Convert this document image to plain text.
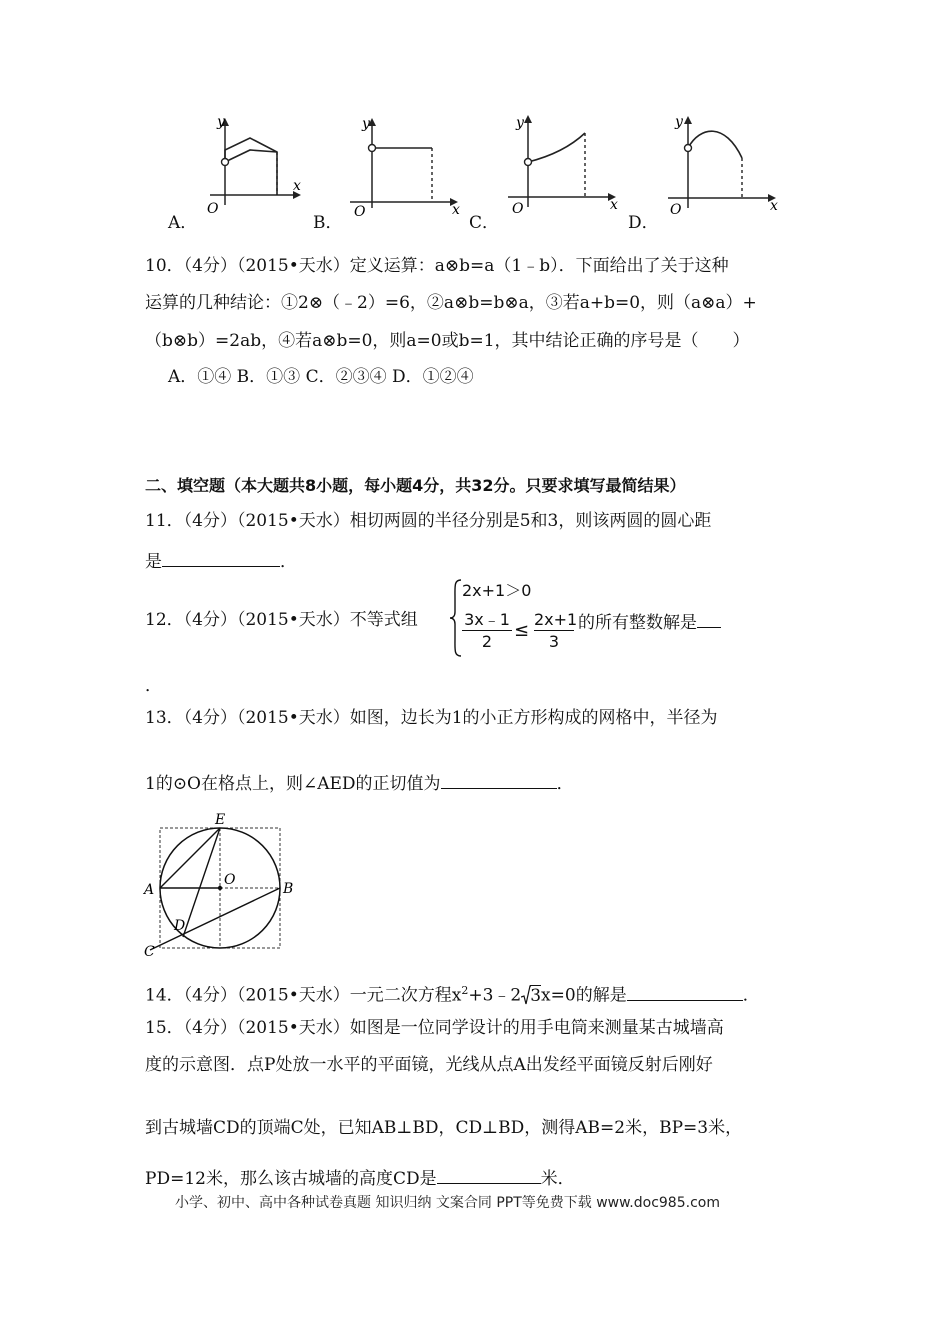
y
x
O
y
x
O
y
x
O
y
x
O
A．	B．	C．	D．
10．（4分）（2015•天水）定义运算：a⊗b=a（1﹣b）．下面给出了关于这种
运算的几种结论：①2⊗（﹣2）=6，②a⊗b=b⊗a，③若a+b=0，则（a⊗a）+
（b⊗b）=2ab，④若a⊗b=0，则a=0或b=1，其中结论正确的序号是（　　）
A．①④ B．①③ C．②③④ D．①②④
二、填空题（本大题共8小题，每小题4分，共32分。只要求填写最简结果）
11．（4分）（2015•天水）相切两圆的半径分别是5和3，则该两圆的圆心距
是	．
12．（4分）（2015•天水）不等式组
2x+1＞0
$\frac{3x﹣1}{2} \le \frac{2x+1}{3}$ 的所有整数解是
．
13．（4分）（2015•天水）如图，边长为1的小正方形构成的网格中，半径为
1的⊙O在格点上，则∠AED的正切值为	．
E
A
O
B
D
C
14．（4分）（2015•天水）一元二次方程$x^2+3﹣2$ 3x=0的解是	．
15．（4分）（2015•天水）如图是一位同学设计的用手电筒来测量某古城墙高
度的示意图．点P处放一水平的平面镜，光线从点A出发经平面镜反射后刚好
到古城墙CD的顶端C处，已知AB⊥BD，CD⊥BD，测得AB=2米，BP=3米，
PD=12米，那么该古城墙的高度CD是	米．
小学、初中、高中各种试卷真题 知识归纳 文案合同 PPT等免费下载 www.doc985.com
